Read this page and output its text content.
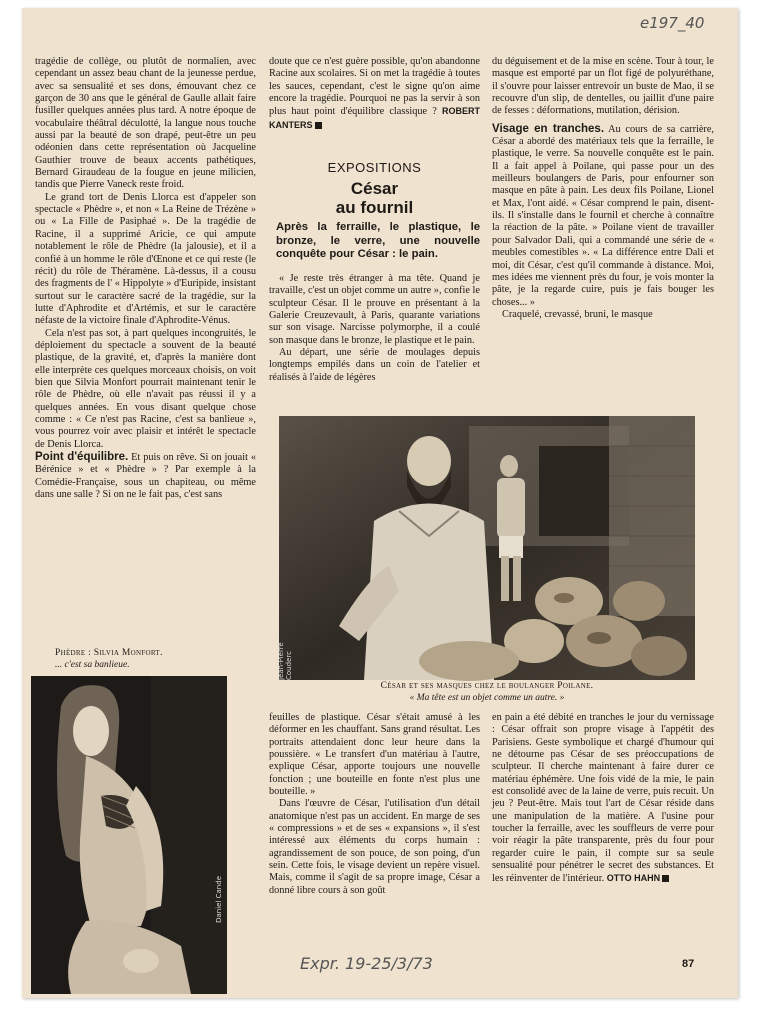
e197_40

tragédie de collège, ou plutôt de normalien, avec cependant un assez beau chant de la jeunesse perdue, avec sa sensualité et ses dons, émouvant chez ce garçon de 30 ans que le général de Gaulle allait faire fusiller quelques années plus tard. A notre époque de vocabulaire théâtral déculotté, la langue nous touche aussi par la beauté de son drapé, peut-être un peu odéonien dans cette représentation où Jacqueline Gauthier trouve de beaux accents pathétiques, Bernard Giraudeau de la fougue en jeune milicien, tandis que Pierre Vaneck reste froid.

Le grand tort de Denis Llorca est d'appeler son spectacle « Phèdre », et non « La Reine de Trézène » ou « La Fille de Pasiphaé ». De la tragédie de Racine, il a supprimé Aricie, ce qui ampute notablement le rôle de Phèdre (la jalousie), et il a confié à un homme le rôle d'Œnone et ce qui reste (le récit) du rôle de Théramène. Là-dessus, il a cousu des fragments de l' « Hippolyte » d'Euripide, insistant surtout sur le caractère sacré de la tragédie, sur la lutte d'Aphrodite et d'Artémis, et sur le caractère néfaste de la victoire finale d'Aphrodite-Vénus.

Cela n'est pas sot, à part quelques incongruités, le déploiement du spectacle a souvent de la beauté plastique, de la gravité, et, d'après la manière dont elle interprète ces quelques morceaux choisis, on voit bien que Silvia Monfort pourrait maintenant tenir le rôle de Phèdre, où elle n'avait pas réussi il y a quelques années. En vous disant quelque chose comme : « Ce n'est pas Racine, c'est sa banlieue », vous pourrez voir avec plaisir et intérêt le spectacle de Denis Llorca.

Point d'équilibre. Et puis on rêve. Si on jouait « Bérénice » et « Phèdre » ? Par exemple à la Comédie-Française, sous un chapiteau, ou même dans une salle ? Si on ne le fait pas, c'est sans

doute que ce n'est guère possible, qu'on abandonne Racine aux scolaires. Si on met la tragédie à toutes les sauces, cependant, c'est le signe qu'on aime encore la tragédie. Pourquoi ne pas la servir à son plus haut point d'équilibre classique ? ROBERT KANTERS

EXPOSITIONS
César
au fournil
Après la ferraille, le plastique, le bronze, le verre, une nouvelle conquête pour César : le pain.

« Je reste très étranger à ma tête. Quand je travaille, c'est un objet comme un autre », confie le sculpteur César. Il le prouve en présentant à la Galerie Creuzevault, à Paris, quarante variations sur son visage. Narcisse polymorphe, il a coulé son masque dans le bronze, le plastique et le pain.

Au départ, une série de moulages depuis longtemps empilés dans un coin de l'atelier et réalisés à l'aide de légères

du déguisement et de la mise en scène. Tour à tour, le masque est emporté par un flot figé de polyuréthane, il s'ouvre pour laisser entrevoir un buste de Mao, il se recouvre d'un slip, de dentelles, ou jaillit d'une paire de fesses : déformations, mutilation, dérision.

Visage en tranches. Au cours de sa carrière, César a abordé des matériaux tels que la ferraille, le plastique, le verre. Sa nouvelle conquête est le pain. Il a fait appel à Poilane, qui passe pour un des meilleurs boulangers de Paris, pour enfourner son masque en pâte à pain. Les deux fils Poilane, Lionel et Max, l'ont aidé. « César comprend le pain, disent-ils. Il s'installe dans le fournil et cherche à connaître la réaction de la pâte. » Poilane vient de travailler pour Salvador Dali, qui a commandé une série de « meubles comestibles ». « La différence entre Dali et moi, dit César, c'est qu'il commande à distance. Moi, mes idées me viennent près du four, je vois monter la pâte, je la regarde cuire, puis je fais bouger les choses... »

Craquelé, crevassé, bruni, le masque

Jean-Pierre Couderc
César et ses masques chez le boulanger Poilane.
« Ma tête est un objet comme un autre. »
Phèdre : Silvia Monfort.
... c'est sa banlieue.
Daniel Cande

feuilles de plastique. César s'était amusé à les déformer en les chauffant. Sans grand résultat. Les portraits attendaient donc leur heure dans la poussière. « Le transfert d'un matériau à l'autre, explique César, apporte toujours une nouvelle fonction ; une bouteille en fonte n'est plus une bouteille. »

Dans l'œuvre de César, l'utilisation d'un détail anatomique n'est pas un accident. En marge de ses « compressions » et de ses « expansions », il s'est intéressé aux éléments du corps humain : agrandissement de son pouce, de son poing, d'un sein. Cette fois, le visage devient un repère visuel. Mais, comme il s'agit de sa propre image, César a donné libre cours à son goût

en pain a été débité en tranches le jour du vernissage : César offrait son propre visage à l'appétit des Parisiens. Geste symbolique et chargé d'humour qui ne détourne pas César de ses préoccupations de sculpteur. Il cherche maintenant à faire durer ce matériau éphémère. Une fois vidé de la mie, le pain est consolidé avec de la laine de verre, puis recuit. Un jeu ? Peut-être. Mais tout l'art de César réside dans une manipulation de la matière. A l'usine pour toucher la ferraille, avec les souffleurs de verre pour voir réagir la pâte transparente, près du four pour regarder cuire le pain, il compte sur sa seule sensualité pour pénétrer le secret des substances. Et les réinventer de l'intérieur. OTTO HAHN

Expr. 19-25/3/73	87
